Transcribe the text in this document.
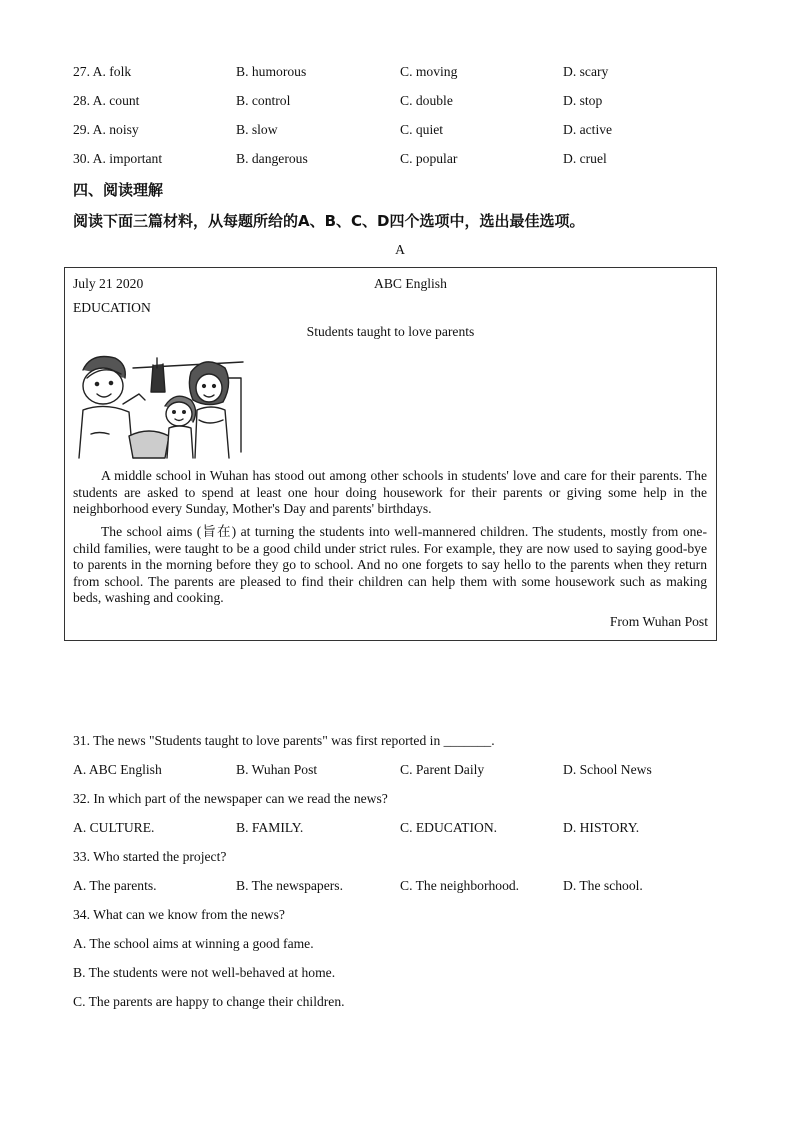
27. A. folk	B. humorous	C. moving	D. scary
28. A. count	B. control	C. double	D. stop
29. A. noisy	B. slow	C. quiet	D. active
30. A. important	B. dangerous	C. popular	D. cruel
四、阅读理解
阅读下面三篇材料，从每题所给的A、B、C、D四个选项中，选出最佳选项。
A
July 21 2020	ABC English
EDUCATION
Students taught to love parents
A middle school in Wuhan has stood out among other schools in students' love and care for their parents. The students are asked to spend at least one hour doing housework for their parents or giving some help in the neighborhood every Sunday, Mother's Day and parents' birthdays.
The school aims (旨在) at turning the students into well-mannered children. The students, mostly from one-child families, were taught to be a good child under strict rules. For example, they are now used to saying good-bye to parents in the morning before they go to school. And no one forgets to say hello to the parents when they return from school. The parents are pleased to find their children can help them with some housework such as making beds, washing and cooking.
From Wuhan Post
31. The news "Students taught to love parents" was first reported in _______.
A. ABC English	B. Wuhan Post	C. Parent Daily	D. School News
32. In which part of the newspaper can we read the news?
A. CULTURE.	B. FAMILY.	C. EDUCATION.	D. HISTORY.
33. Who started the project?
A. The parents.	B. The newspapers.	C. The neighborhood.	D. The school.
34. What can we know from the news?
A. The school aims at winning a good fame.
B. The students were not well-behaved at home.
C. The parents are happy to change their children.
